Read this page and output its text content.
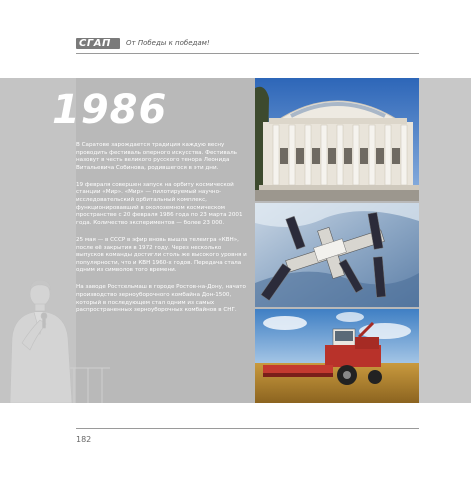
СГАП От Победы к победам!
1986

В Саратове зарождается традиция каждую весну проводить фестиваль оперного искусства. Фестиваль назовут в честь великого русского тенора Леонида Витальевича Собинова, родившегося в эти дни.

19 февраля совершен запуск на орбиту космической станции «Мир». «Мир» — пилотируемый научно-исследовательский орбитальный комплекс, функционировавший в околоземном космическом пространстве с 20 февраля 1986 года по 23 марта 2001 года. Количество экспериментов — более 23 000.

25 мая — в СССР в эфир вновь вышла телеигра «КВН», после её закрытия в 1972 году. Через несколько выпусков команды достигли столь же высокого уровня и популярности, что и КВН 1960-х годов. Передача стала одним из символов того времени.

На заводе Ростсельмаш в городе Ростов-на-Дону, начато производство зерноуборочного комбайна Дон-1500, который в последующем стал одним из самых распространенных зерноуборочных комбайнов в СНГ.

182
